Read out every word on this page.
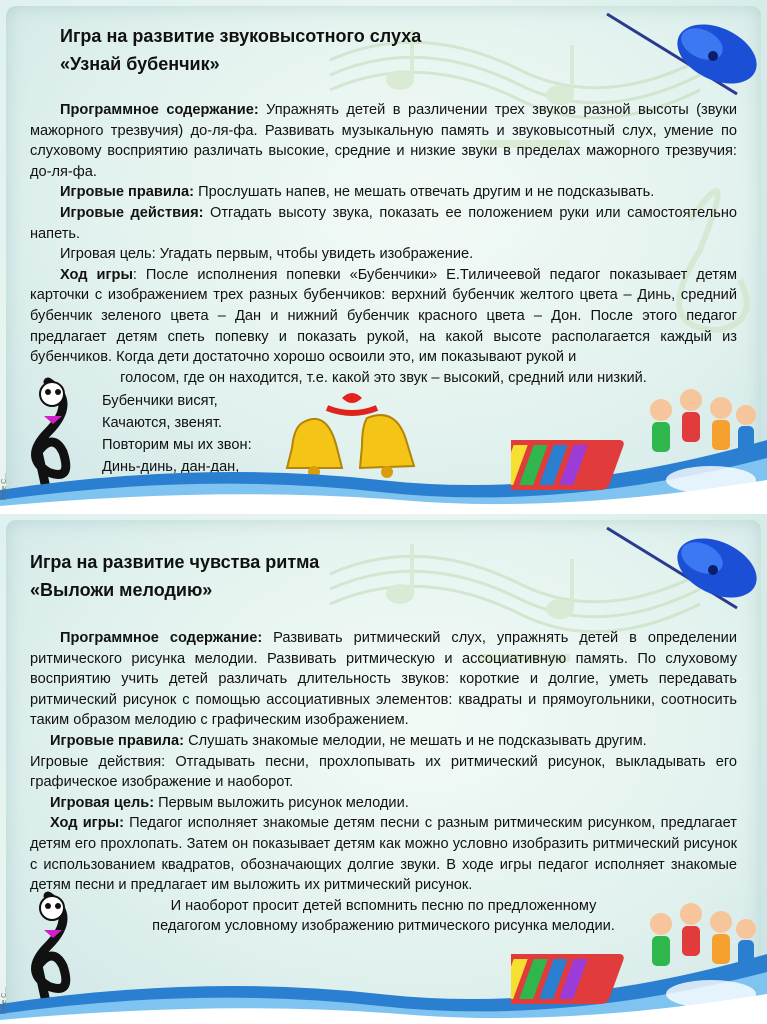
Игра на развитие звуковысотного слуха
«Узнай бубенчик»

Программное содержание: Упражнять детей в различении трех звуков разной высоты (звуки мажорного трезвучия) до-ля-фа. Развивать музыкальную память и звуковысотный слух, умение по слуховому восприятию различать высокие, средние и низкие звуки в пределах мажорного трезвучия: до-ля-фа.

Игровые правила: Прослушать напев, не мешать отвечать другим и не подсказывать.

Игровые действия: Отгадать высоту звука, показать ее положением руки или самостоятельно напеть.

Игровая цель: Угадать первым, чтобы увидеть изображение.

Ход игры: После исполнения попевки «Бубенчики» Е.Тиличеевой педагог показывает детям карточки с изображением трех разных бубенчиков: верхний бубенчик желтого цвета – Динь, средний бубенчик зеленого цвета – Дан и нижний бубенчик красного цвета – Дон. После этого педагог предлагает детям спеть попевку и показать рукой, на какой высоте располагается каждый из бубенчиков. Когда дети достаточно хорошо освоили это, им показывают рукой и

голосом, где он находится, т.е. какой это звук – высокий, средний или низкий.

Бубенчики висят,
Качаются, звенят.
Повторим мы их звон:
Динь-динь, дан-дан,
Free C...
Игра на развитие чувства ритма
«Выложи мелодию»

Программное содержание: Развивать ритмический слух, упражнять детей в определении ритмического рисунка мелодии. Развивать ритмическую и ассоциативную память. По слуховому восприятию учить детей различать длительность звуков: короткие и долгие, уметь передавать ритмический рисунок с помощью ассоциативных элементов: квадраты и прямоугольники, соотносить таким образом мелодию с графическим изображением.

Игровые правила: Слушать знакомые мелодии, не мешать и не подсказывать другим.

Игровые действия: Отгадывать песни, прохлопывать их ритмический рисунок, выкладывать его графическое изображение и наоборот.

Игровая цель: Первым выложить рисунок мелодии.

Ход игры: Педагог исполняет знакомые детям песни с разным ритмическим рисунком, предлагает детям его прохлопать. Затем он показывает детям как можно условно изобразить ритмический рисунок с использованием квадратов, обозначающих долгие звуки. В ходе игры педагог исполняет знакомые детям песни и предлагает им выложить их ритмический рисунок.

И наоборот просит детей вспомнить песню по предложенному

педагогом условному изображению ритмического рисунка мелодии.

Free C...
